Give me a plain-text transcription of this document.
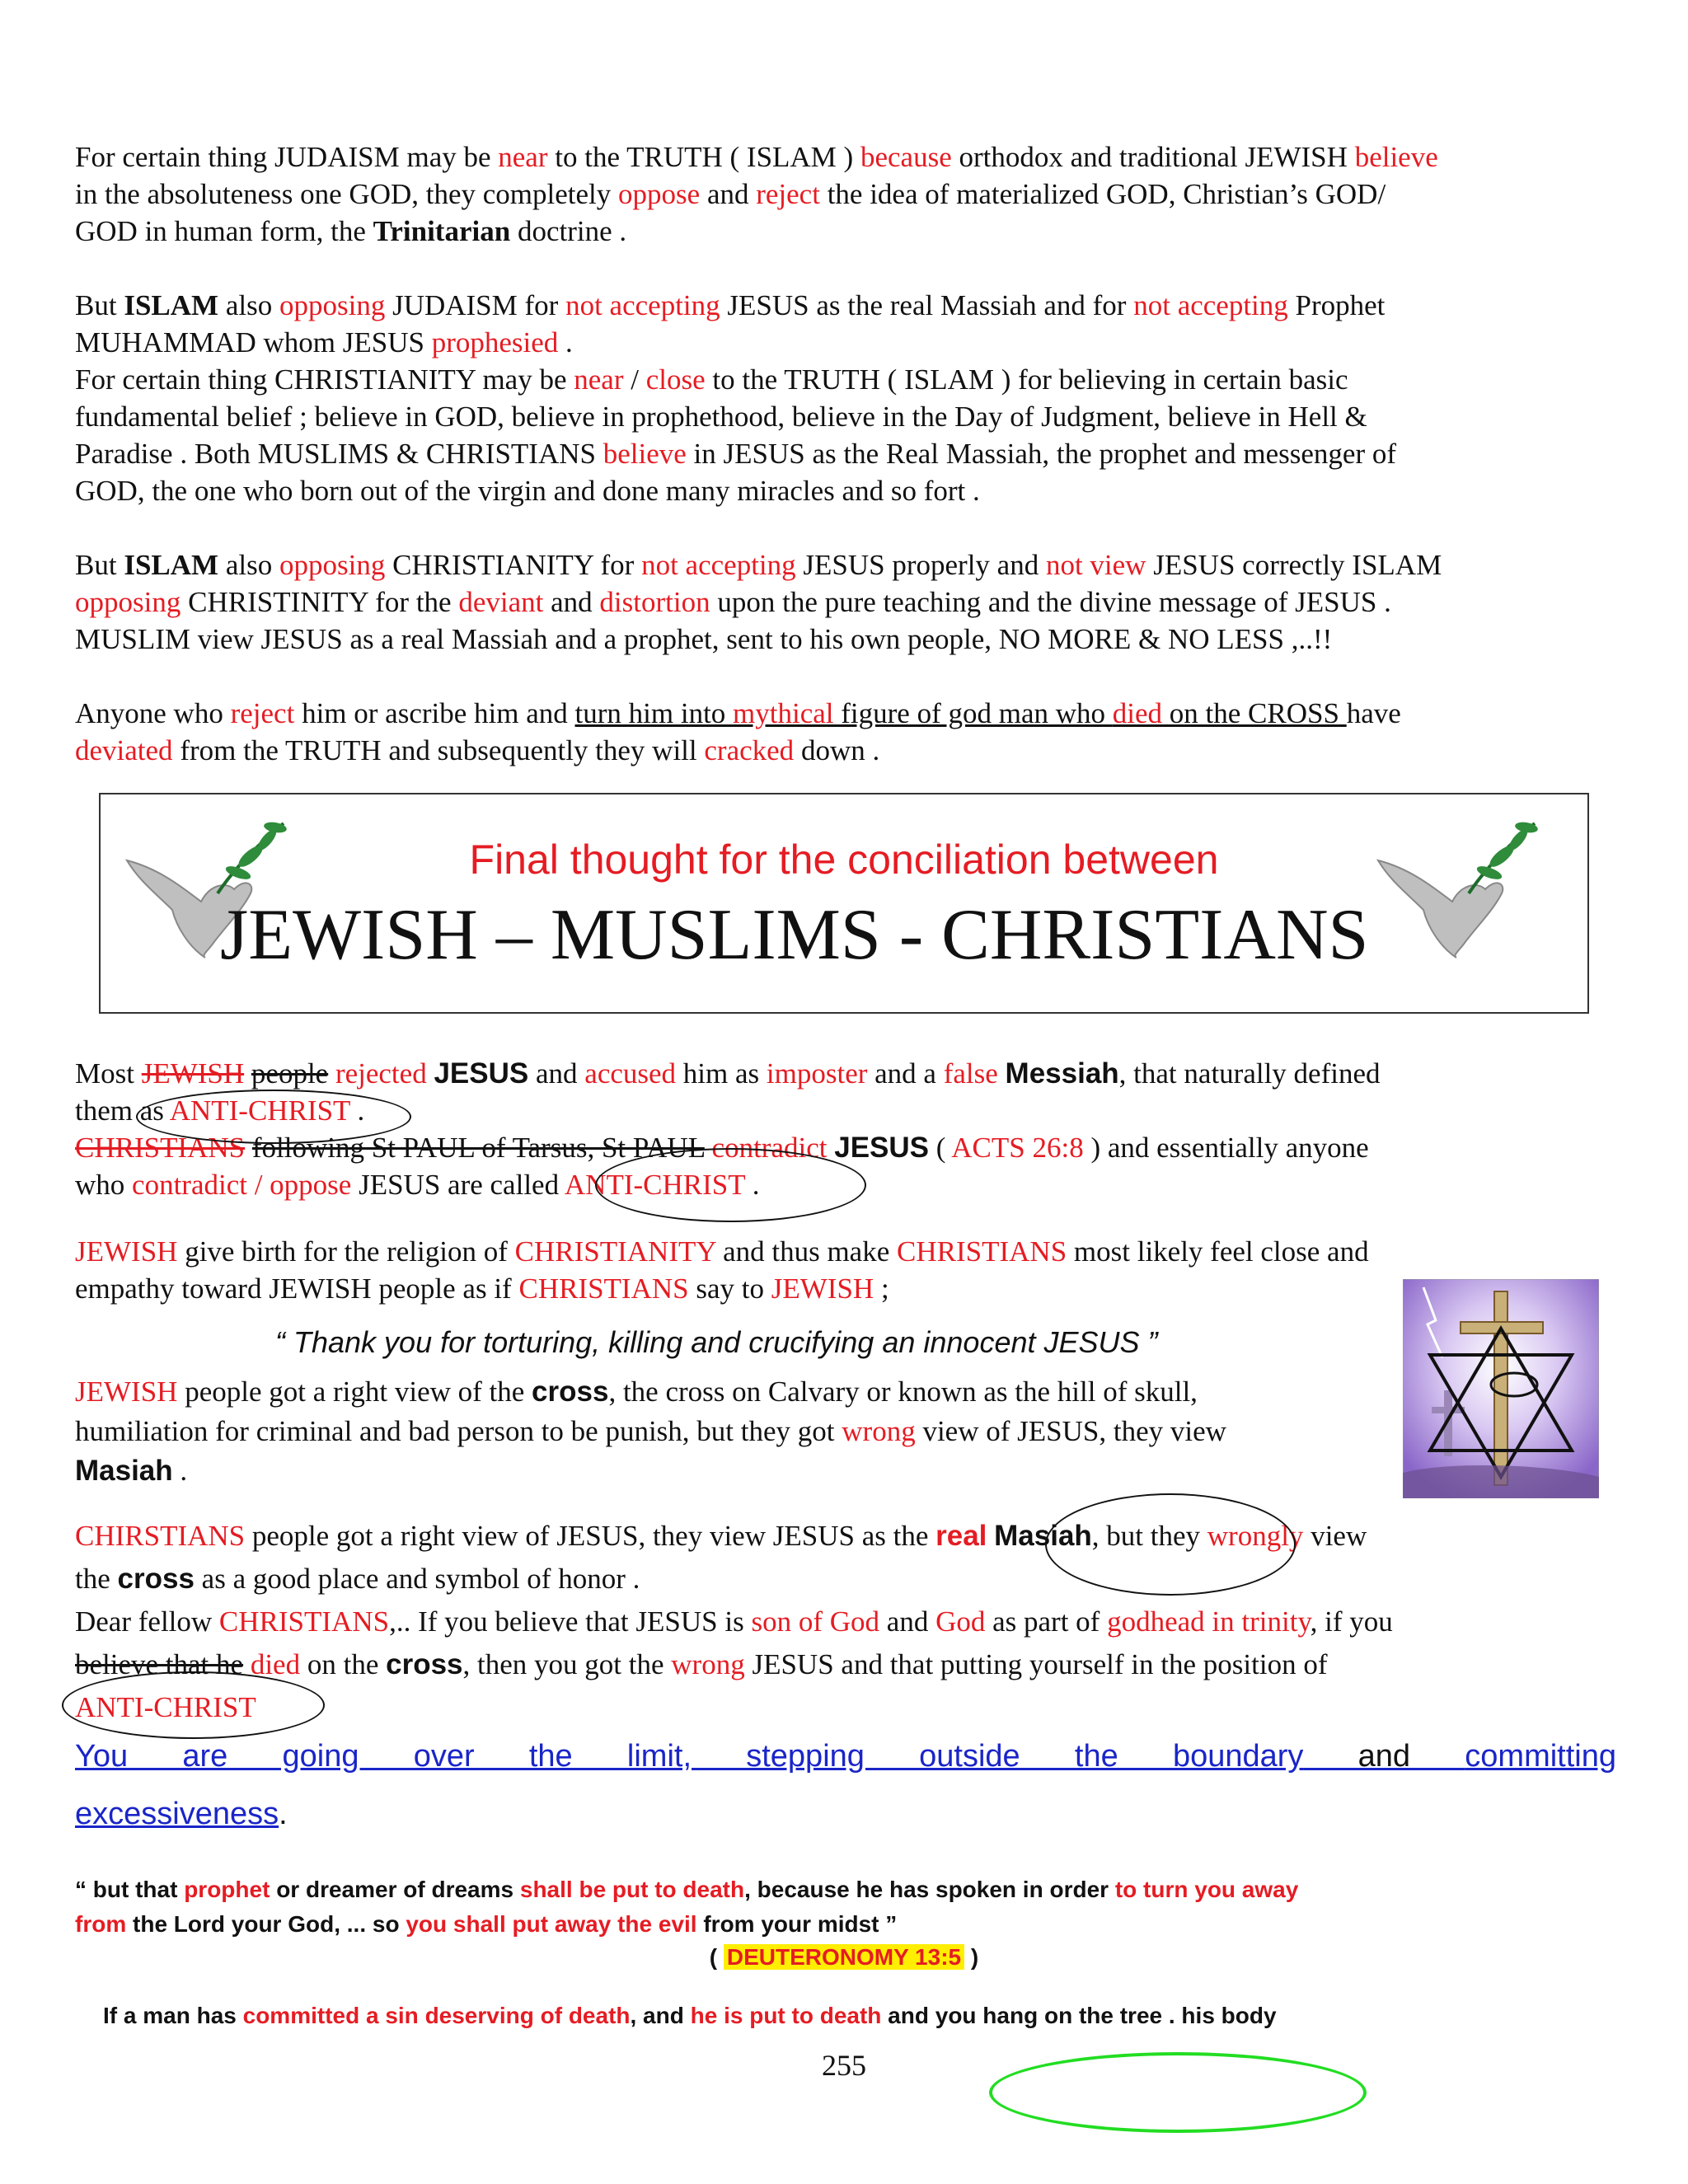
For certain thing JUDAISM may be near to the TRUTH ( ISLAM ) because orthodox and traditional JEWISH believe
in the absoluteness one GOD, they completely oppose and reject the idea of materialized GOD, Christian’s GOD/
GOD in human form, the Trinitarian doctrine .
But ISLAM also opposing JUDAISM for not accepting JESUS as the real Massiah and for not accepting Prophet
MUHAMMAD whom JESUS prophesied .
For certain thing CHRISTIANITY may be near / close to the TRUTH ( ISLAM ) for believing in certain basic
fundamental belief ; believe in GOD, believe in prophethood, believe in the Day of Judgment, believe in Hell &
Paradise . Both MUSLIMS & CHRISTIANS believe in JESUS as the Real Massiah, the prophet and messenger of
GOD, the one who born out of the virgin and done many miracles and so fort .
But ISLAM also opposing CHRISTIANITY for not accepting JESUS properly and not view JESUS correctly ISLAM
opposing CHRISTINITY for the deviant and distortion upon the pure teaching and the divine message of JESUS .
MUSLIM view JESUS as a real Massiah and a prophet, sent to his own people, NO MORE & NO LESS ,..!!
Anyone who reject him or ascribe him and turn him into mythical figure of god man who died on the CROSS have
deviated from the TRUTH and subsequently they will cracked down .
Final thought for the conciliation between
JEWISH – MUSLIMS - CHRISTIANS
Most JEWISH people rejected JESUS and accused him as imposter and a false Messiah, that naturally defined
them as ANTI-CHRIST .
CHRISTIANS following St PAUL of Tarsus, St PAUL contradict JESUS ( ACTS 26:8 ) and essentially anyone
who contradict / oppose JESUS are called ANTI-CHRIST .
JEWISH give birth for the religion of CHRISTIANITY and thus make CHRISTIANS most likely feel close and
empathy toward JEWISH people as if CHRISTIANS say to JEWISH ;
“ Thank you for torturing, killing and crucifying an innocent JESUS ”
JEWISH people got a right view of the cross, the cross on Calvary or known as the hill of skull,
humiliation for criminal and bad person to be punish, but they got wrong view of JESUS, they view
Masiah .
CHIRSTIANS people got a right view of JESUS, they view JESUS as the real Masiah, but they wrongly view
the cross as a good place and symbol of honor .
Dear fellow CHRISTIANS,.. If you believe that JESUS is son of God and God as part of godhead in trinity, if you
believe that he died on the cross, then you got the wrong JESUS and that putting yourself in the position of
ANTI-CHRIST
You are going over the limit, stepping outside the boundary and committing
excessiveness.
“ but that prophet or dreamer of dreams shall be put to death, because he has spoken in order to turn you away
from the Lord your God, ... so you shall put away the evil from your midst ”
( DEUTERONOMY 13:5 )
If a man has committed a sin deserving of death, and he is put to death and you hang on the tree . his body
255
